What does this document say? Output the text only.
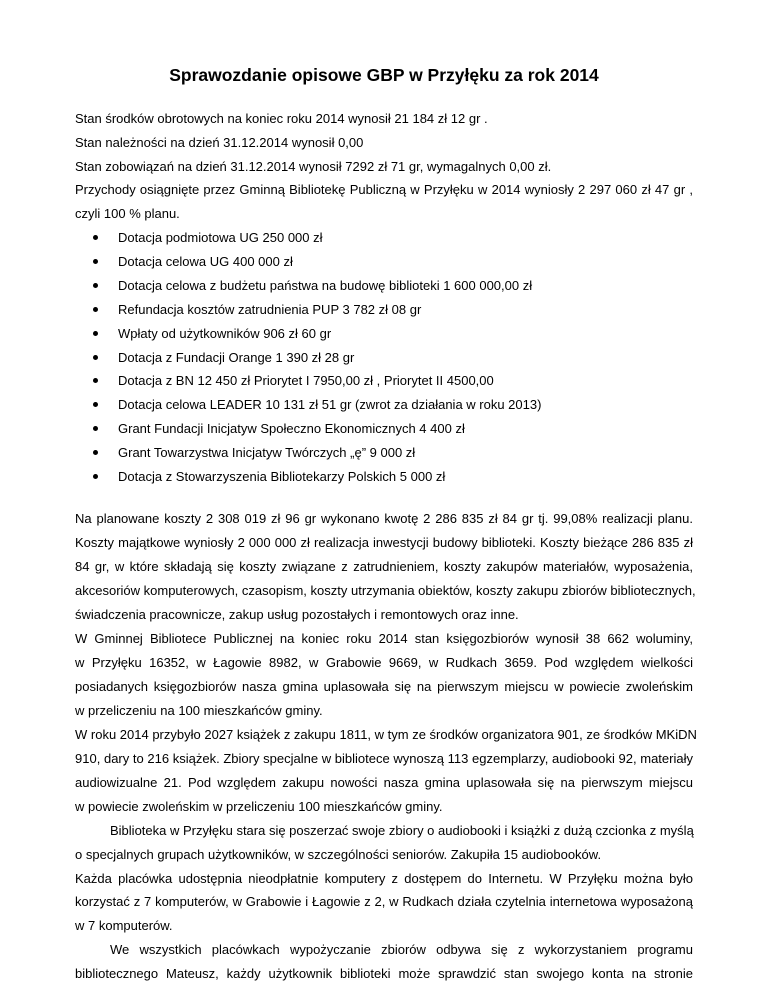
Sprawozdanie opisowe GBP w Przyłęku za rok 2014
Stan środków obrotowych na koniec roku 2014 wynosił 21 184 zł 12 gr .
Stan należności na dzień 31.12.2014 wynosił 0,00
Stan zobowiązań na dzień 31.12.2014 wynosił 7292 zł 71 gr, wymagalnych 0,00 zł.
Przychody osiągnięte przez Gminną Bibliotekę Publiczną w Przyłęku w 2014 wyniosły 2 297 060 zł 47 gr ,
czyli 100 % planu.
Dotacja podmiotowa UG 250 000 zł
Dotacja celowa UG 400 000 zł
Dotacja celowa z budżetu państwa na budowę biblioteki 1 600 000,00 zł
Refundacja kosztów zatrudnienia PUP 3 782 zł 08 gr
Wpłaty od użytkowników 906 zł 60 gr
Dotacja z Fundacji Orange 1 390 zł 28 gr
Dotacja z BN 12 450 zł Priorytet I 7950,00 zł , Priorytet II 4500,00
Dotacja celowa LEADER 10 131 zł 51 gr (zwrot za działania w roku 2013)
Grant Fundacji Inicjatyw Społeczno Ekonomicznych 4 400 zł
Grant Towarzystwa Inicjatyw Twórczych „ę” 9 000 zł
Dotacja z Stowarzyszenia Bibliotekarzy Polskich 5 000 zł
Na planowane koszty 2 308 019 zł 96 gr wykonano kwotę 2 286 835 zł 84 gr tj. 99,08% realizacji planu.
Koszty majątkowe wyniosły 2 000 000 zł realizacja inwestycji budowy biblioteki. Koszty bieżące 286 835 zł
84 gr, w które składają się koszty związane z zatrudnieniem, koszty zakupów materiałów, wyposażenia,
akcesoriów komputerowych, czasopism, koszty utrzymania obiektów, koszty zakupu zbiorów bibliotecznych,
świadczenia pracownicze, zakup usług pozostałych i remontowych oraz inne.
W Gminnej Bibliotece Publicznej na koniec roku 2014 stan księgozbiorów wynosił 38 662 woluminy,
w Przyłęku 16352, w Łagowie 8982, w Grabowie 9669, w Rudkach 3659. Pod względem wielkości
posiadanych księgozbiorów nasza gmina uplasowała się na pierwszym miejscu w powiecie zwoleńskim
w przeliczeniu na 100 mieszkańców gminy.
W roku 2014 przybyło 2027 książek z zakupu 1811, w tym ze środków organizatora 901, ze środków MKiDN
910, dary to 216 książek. Zbiory specjalne w bibliotece wynoszą 113 egzemplarzy, audiobooki 92, materiały
audiowizualne 21. Pod względem zakupu nowości nasza gmina uplasowała się na pierwszym miejscu
w powiecie zwoleńskim w przeliczeniu 100 mieszkańców gminy.
Biblioteka w Przyłęku stara się poszerzać swoje zbiory o audiobooki i książki z dużą czcionka z myślą
o specjalnych grupach użytkowników, w szczególności seniorów. Zakupiła 15 audiobooków.
Każda placówka udostępnia nieodpłatnie komputery z dostępem do Internetu. W Przyłęku można było
korzystać z 7 komputerów, w Grabowie i Łagowie z 2, w Rudkach działa czytelnia internetowa wyposażoną
w 7 komputerów.
We wszystkich placówkach wypożyczanie zbiorów odbywa się z wykorzystaniem programu
bibliotecznego Mateusz, każdy użytkownik biblioteki może sprawdzić stan swojego konta na stronie
